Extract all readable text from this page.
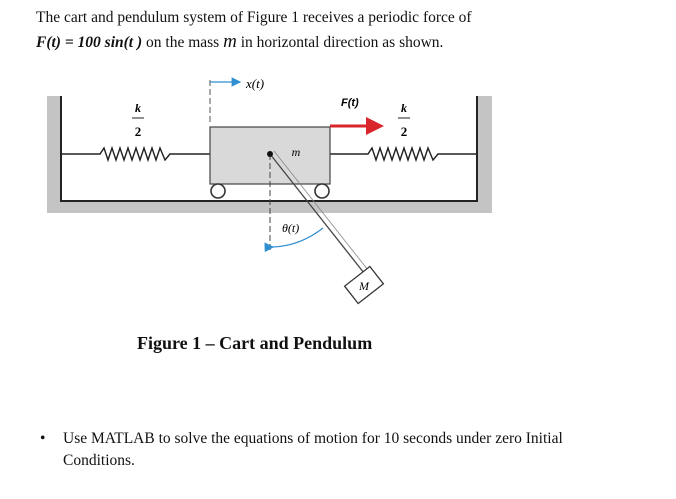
The cart and pendulum system of Figure 1 receives a periodic force of
F(t) = 100 sin(t ) on the mass m in horizontal direction as shown.
k
2
k
2
m
x(t)
F(t)
M
θ(t)
Figure 1 – Cart and Pendulum
• Use MATLAB to solve the equations of motion for 10 seconds under zero Initial Conditions.
